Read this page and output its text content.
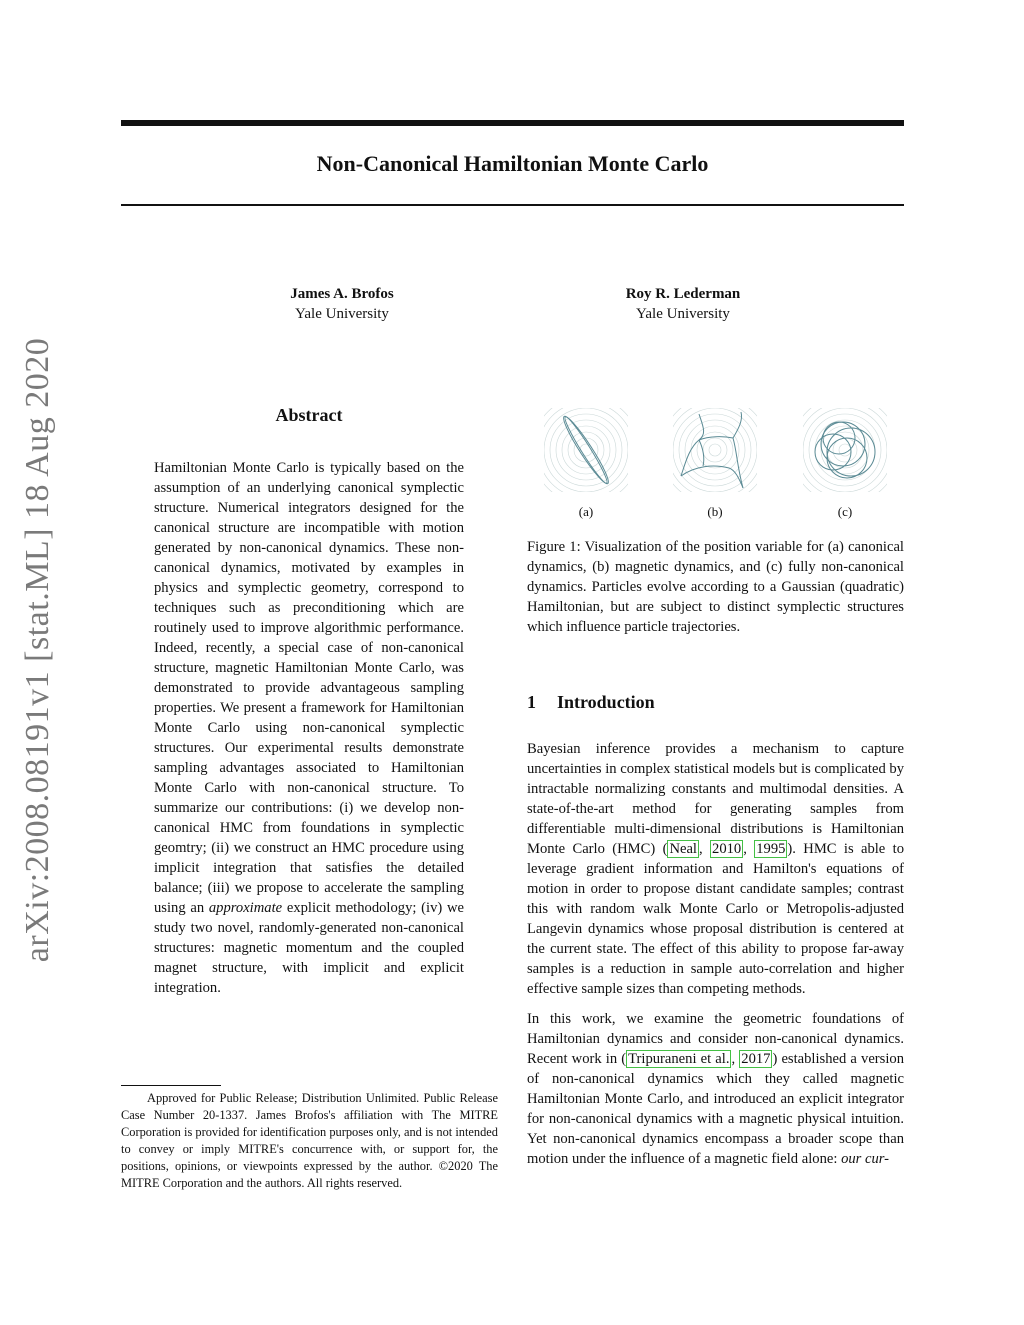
Non-Canonical Hamiltonian Monte Carlo
James A. Brofos
Yale University
Roy R. Lederman
Yale University
arXiv:2008.08191v1 [stat.ML] 18 Aug 2020	Abstract

Hamiltonian Monte Carlo is typically based on the assumption of an underlying canonical symplectic structure. Numerical integrators designed for the canonical structure are incompatible with motion generated by non-canonical dynamics. These non-canonical dynamics, motivated by examples in physics and symplectic geometry, correspond to techniques such as preconditioning which are routinely used to improve algorithmic performance. Indeed, recently, a special case of non-canonical structure, magnetic Hamiltonian Monte Carlo, was demonstrated to provide advantageous sampling properties. We present a framework for Hamiltonian Monte Carlo using non-canonical symplectic structures. Our experimental results demonstrate sampling advantages associated to Hamiltonian Monte Carlo with non-canonical structure. To summarize our contributions: (i) we develop non-canonical HMC from foundations in symplectic geomtry; (ii) we construct an HMC procedure using implicit integration that satisfies the detailed balance; (iii) we propose to accelerate the sampling using an approximate explicit methodology; (iv) we study two novel, randomly-generated non-canonical structures: magnetic momentum and the coupled magnet structure, with implicit and explicit integration.

Approved for Public Release; Distribution Unlimited. Public Release Case Number 20-1337. James Brofos's affiliation with The MITRE Corporation is provided for identification purposes only, and is not intended to convey or imply MITRE's concurrence with, or support for, the positions, opinions, or viewpoints expressed by the author. ©2020 The MITRE Corporation and the authors. All rights reserved.
(a)	(b)	(c)
Figure 1: Visualization of the position variable for (a) canonical dynamics, (b) magnetic dynamics, and (c) fully non-canonical dynamics. Particles evolve according to a Gaussian (quadratic) Hamiltonian, but are subject to distinct symplectic structures which influence particle trajectories.
1 Introduction

Bayesian inference provides a mechanism to capture uncertainties in complex statistical models but is complicated by intractable normalizing constants and multimodal densities. A state-of-the-art method for generating samples from differentiable multi-dimensional distributions is Hamiltonian Monte Carlo (HMC) ( Neal , 2010 , 1995 ). HMC is able to leverage gradient information and Hamilton's equations of motion in order to propose distant candidate samples; contrast this with random walk Monte Carlo or Metropolis-adjusted Langevin dynamics whose proposal distribution is centered at the current state. The effect of this ability to propose far-away samples is a reduction in sample auto-correlation and higher effective sample sizes than competing methods.

In this work, we examine the geometric foundations of Hamiltonian dynamics and consider non-canonical dynamics. Recent work in ( Tripuraneni et al. , 2017 ) established a version of non-canonical dynamics which they called magnetic Hamiltonian Monte Carlo, and introduced an explicit integrator for non-canonical dynamics with a magnetic physical intuition. Yet non-canonical dynamics encompass a broader scope than motion under the influence of a magnetic field alone: our cur-
